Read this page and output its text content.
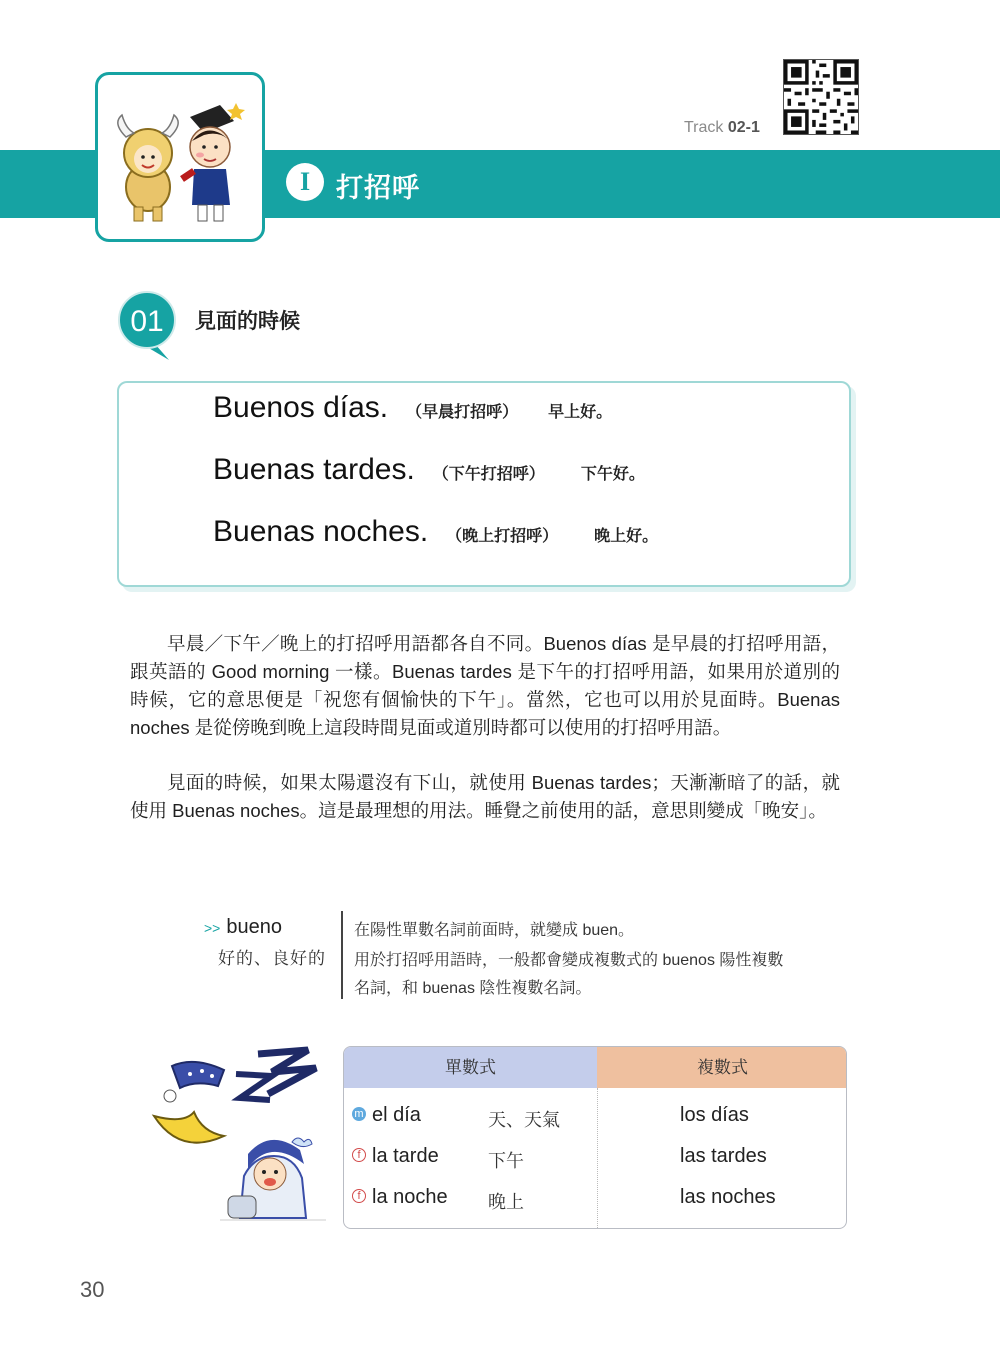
I 打招呼
Track 02-1
01 見面的時候
Buenos días. （早晨打招呼） 早上好。
Buenas tardes. （下午打招呼） 下午好。
Buenas noches. （晚上打招呼） 晚上好。

早晨／下午／晚上的打招呼用語都各自不同。Buenos días 是早晨的打招呼用語，跟英語的 Good morning 一樣。Buenas tardes 是下午的打招呼用語，如果用於道別的時候，它的意思便是「祝您有個愉快的下午」。當然，它也可以用於見面時。Buenas noches 是從傍晚到晚上這段時間見面或道別時都可以使用的打招呼用語。

見面的時候，如果太陽還沒有下山，就使用 Buenas tardes；天漸漸暗了的話，就使用 Buenas noches。這是最理想的用法。睡覺之前使用的話，意思則變成「晚安」。

>> bueno
好的、良好的
在陽性單數名詞前面時，就變成 buen。
用於打招呼用語時，一般都會變成複數式的 buenos 陽性複數
名詞，和 buenas 陰性複數名詞。
單數式	複數式
m el día	天、天氣	los días
f la tarde	下午	las tardes
f la noche 晚上	las noches
30
